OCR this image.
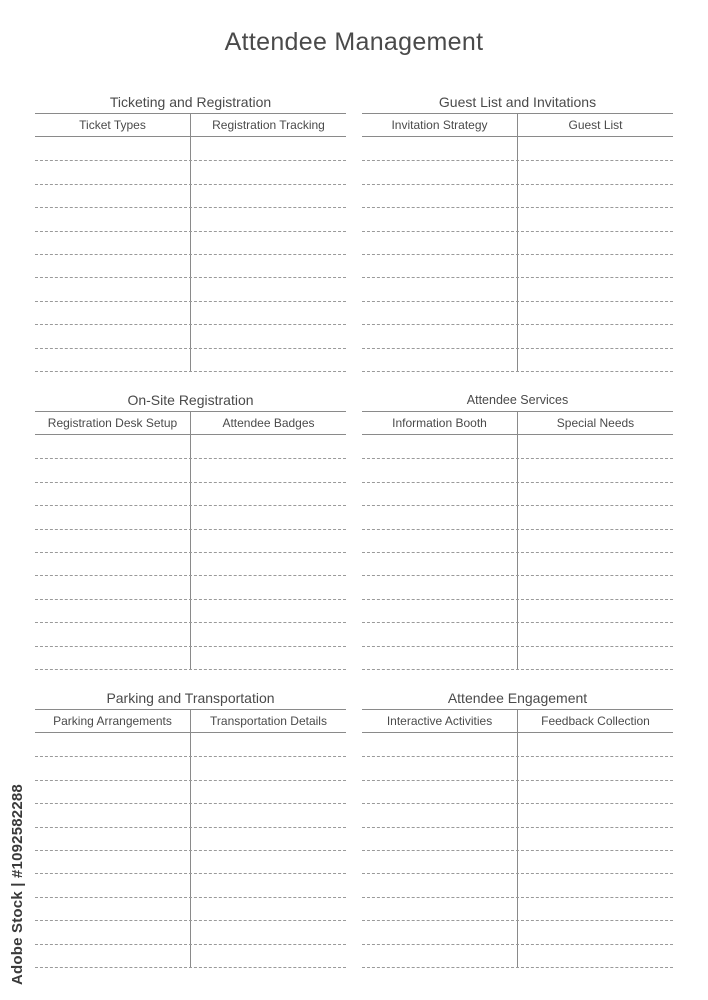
Attendee Management
Ticketing and Registration
Ticket Types	Registration Tracking
Guest List and Invitations
Invitation Strategy	Guest List
On-Site Registration
Registration Desk Setup	Attendee Badges
Attendee Services
Information Booth	Special Needs
Parking and Transportation
Parking Arrangements	Transportation Details
Attendee Engagement
Interactive Activities	Feedback Collection
Adobe Stock | #1092582288
